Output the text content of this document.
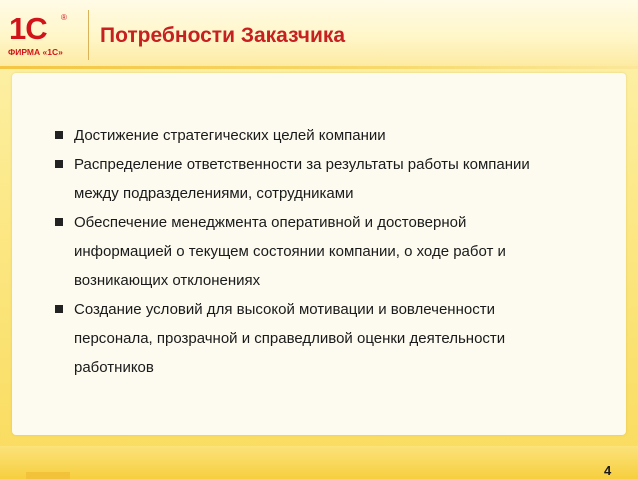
1С ®
ФИРМА «1С»
Потребности Заказчика
Достижение стратегических целей компании
Распределение ответственности за результаты работы компании
между подразделениями, сотрудниками
Обеспечение менеджмента оперативной и достоверной
информацией о текущем состоянии компании, о ходе работ и
возникающих отклонениях
Создание условий для высокой мотивации и вовлеченности
персонала, прозрачной и справедливой оценки деятельности
работников
4
